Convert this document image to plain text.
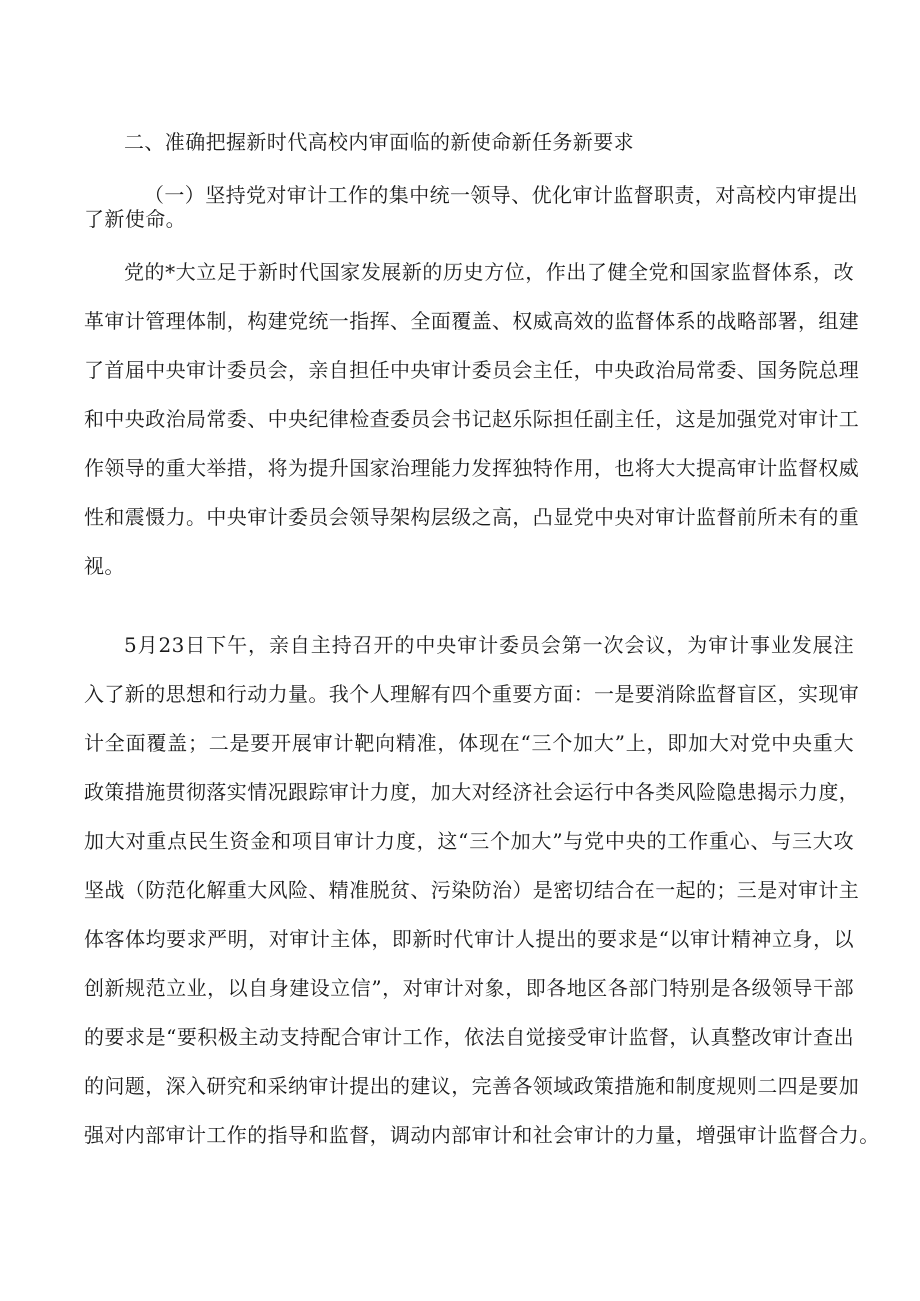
二、准确把握新时代高校内审面临的新使命新任务新要求
（一）坚持党对审计工作的集中统一领导、优化审计监督职责，对高校内审提出
了新使命。
党的*大立足于新时代国家发展新的历史方位，作出了健全党和国家监督体系，改
革审计管理体制，构建党统一指挥、全面覆盖、权威高效的监督体系的战略部署，组建
了首届中央审计委员会，亲自担任中央审计委员会主任，中央政治局常委、国务院总理
和中央政治局常委、中央纪律检查委员会书记赵乐际担任副主任，这是加强党对审计工
作领导的重大举措，将为提升国家治理能力发挥独特作用，也将大大提高审计监督权威
性和震慑力。中央审计委员会领导架构层级之高，凸显党中央对审计监督前所未有的重
视。
5月23日下午，亲自主持召开的中央审计委员会第一次会议，为审计事业发展注
入了新的思想和行动力量。我个人理解有四个重要方面：一是要消除监督盲区，实现审
计全面覆盖；二是要开展审计靶向精准，体现在“三个加大”上，即加大对党中央重大
政策措施贯彻落实情况跟踪审计力度，加大对经济社会运行中各类风险隐患揭示力度，
加大对重点民生资金和项目审计力度，这“三个加大”与党中央的工作重心、与三大攻
坚战（防范化解重大风险、精准脱贫、污染防治）是密切结合在一起的；三是对审计主
体客体均要求严明，对审计主体，即新时代审计人提出的要求是“以审计精神立身，以
创新规范立业，以自身建设立信”，对审计对象，即各地区各部门特别是各级领导干部
的要求是“要积极主动支持配合审计工作，依法自觉接受审计监督，认真整改审计查出
的问题，深入研究和采纳审计提出的建议，完善各领域政策措施和制度规则二四是要加
强对内部审计工作的指导和监督，调动内部审计和社会审计的力量，增强审计监督合力。
